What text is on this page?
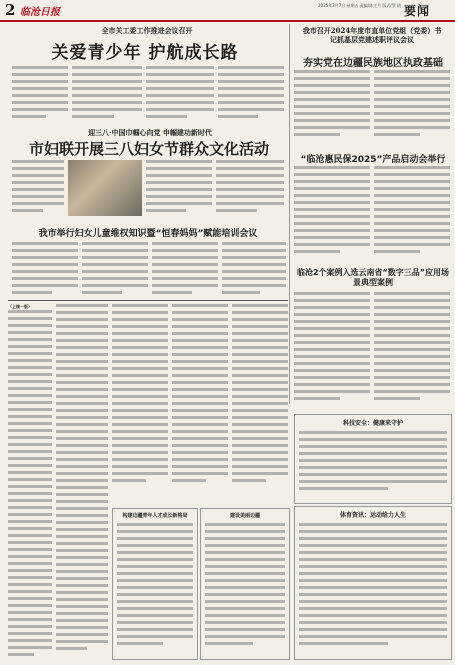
2 临沧日报
2025年3月7日 星期五 责编/陈主月 版式/罗 倩 要闻
全市关工委工作推进会议召开
关爱青少年 护航成长路
我市召开2024年度市直单位党组（党委）书记抓基层党建述职评议会议
夯实党在边疆民族地区执政基础
迎三八·中国巾帼心向党 申帼建功新时代
市妇联开展三八妇女节群众文化活动
“临沧惠民保2025”产品启动会举行
我市举行妇女儿童维权知识暨“恒春妈妈”赋能培训会议
临沧2个案例入选云南省“数字三品”应用场景典型案例
（上接一版）
科技安全：健康来守护
体育资讯：运动给力人生
构建边疆青年人才成长新格局	建设美丽边疆
